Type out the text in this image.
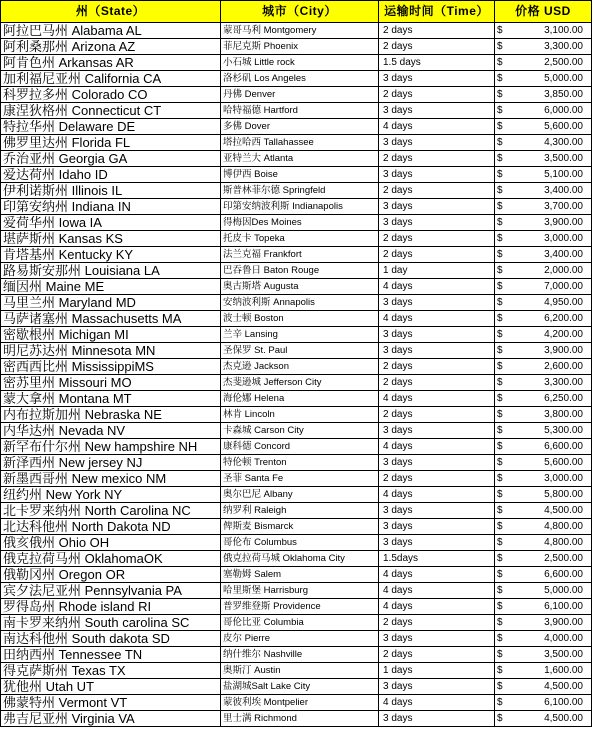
州（State）	城市（City）	运输时间（Time）	价格 USD
阿拉巴马州 Alabama AL	蒙哥马利 Montgomery	2 days	$ 3,100.00

阿利桑那州 Arizona AZ	菲尼克斯 Phoenix	2 days	$ 3,300.00

阿肯色州 Arkansas AR	小石城 Little rock	1.5 days	$ 2,500.00

加利福尼亚州 California CA	洛杉矶 Los Angeles	3 days	$ 5,000.00

科罗拉多州 Colorado CO	丹佛 Denver	2 days	$ 3,850.00

康涅狄格州 Connecticut CT	哈特福德 Hartford	3 days	$ 6,000.00

特拉华州 Delaware DE	多佛 Dover	4 days	$ 5,600.00

佛罗里达州 Florida FL	塔拉哈西 Tallahassee	3 days	$ 4,300.00

乔治亚州 Georgia GA	亚特兰大 Atlanta	2 days	$ 3,500.00

爱达荷州 Idaho ID	博伊西 Boise	3 days	$ 5,100.00

伊利诺斯州 Illinois IL	斯普林菲尔德 Springfeld	2 days	$ 3,400.00

印第安纳州 Indiana IN	印第安纳波利斯 Indianapolis	3 days	$ 3,700.00

爱荷华州 Iowa IA	得梅因Des Moines	3 days	$ 3,900.00

堪萨斯州 Kansas KS	托皮卡 Topeka	2 days	$ 3,000.00

肯塔基州 Kentucky KY	法兰克福 Frankfort	2 days	$ 3,400.00

路易斯安那州 Louisiana LA	巴吞鲁日 Baton Rouge	1 day	$ 2,000.00

缅因州 Maine ME	奥古斯塔 Augusta	4 days	$ 7,000.00

马里兰州 Maryland MD	安纳波利斯 Annapolis	3 days	$ 4,950.00

马萨诸塞州 Massachusetts MA	波士顿 Boston	4 days	$ 6,200.00

密歇根州 Michigan MI	兰辛 Lansing	3 days	$ 4,200.00

明尼苏达州 Minnesota MN	圣保罗 St. Paul	3 days	$ 3,900.00

密西西比州 MississippiMS	杰克逊 Jackson	2 days	$ 2,600.00

密苏里州 Missouri MO	杰斐逊城 Jefferson City	2 days	$ 3,300.00

蒙大拿州 Montana MT	海伦娜 Helena	4 days	$ 6,250.00

内布拉斯加州 Nebraska NE	林肯 Lincoln	2 days	$ 3,800.00

内华达州 Nevada NV	卡森城 Carson City	3 days	$ 5,300.00

新罕布什尔州 New hampshire NH	康科德 Concord	4 days	$ 6,600.00

新泽西州 New jersey NJ	特伦顿 Trenton	3 days	$ 5,600.00

新墨西哥州 New mexico NM	圣菲 Santa Fe	2 days	$ 3,000.00

纽约州 New York NY	奥尔巴尼 Albany	4 days	$ 5,800.00

北卡罗来纳州 North Carolina NC	纳罗利 Raleigh	3 days	$ 4,500.00

北达科他州 North Dakota ND	俾斯麦 Bismarck	3 days	$ 4,800.00

俄亥俄州 Ohio OH	哥伦布 Columbus	3 days	$ 4,800.00

俄克拉荷马州 OklahomaOK	俄克拉荷马城 Oklahoma City	1.5days	$ 2,500.00

俄勒冈州 Oregon OR	塞勒姆 Salem	4 days	$ 6,600.00

宾夕法尼亚州 Pennsylvania PA	哈里斯堡 Harrisburg	4 days	$ 5,000.00

罗得岛州 Rhode island RI	普罗维登斯 Providence	4 days	$ 6,100.00

南卡罗来纳州 South carolina SC	哥伦比亚 Columbia	2 days	$ 3,900.00

南达科他州 South dakota SD	皮尔 Pierre	3 days	$ 4,000.00

田纳西州 Tennessee TN	纳什维尔 Nashville	2 days	$ 3,500.00

得克萨斯州 Texas TX	奥斯汀 Austin	1 days	$ 1,600.00

犹他州 Utah UT	盐湖城Salt Lake City	3 days	$ 4,500.00

佛蒙特州 Vermont VT	蒙彼利埃 Montpelier	4 days	$ 6,100.00

弗吉尼亚州 Virginia VA	里士满 Richmond	3 days	$ 4,500.00
